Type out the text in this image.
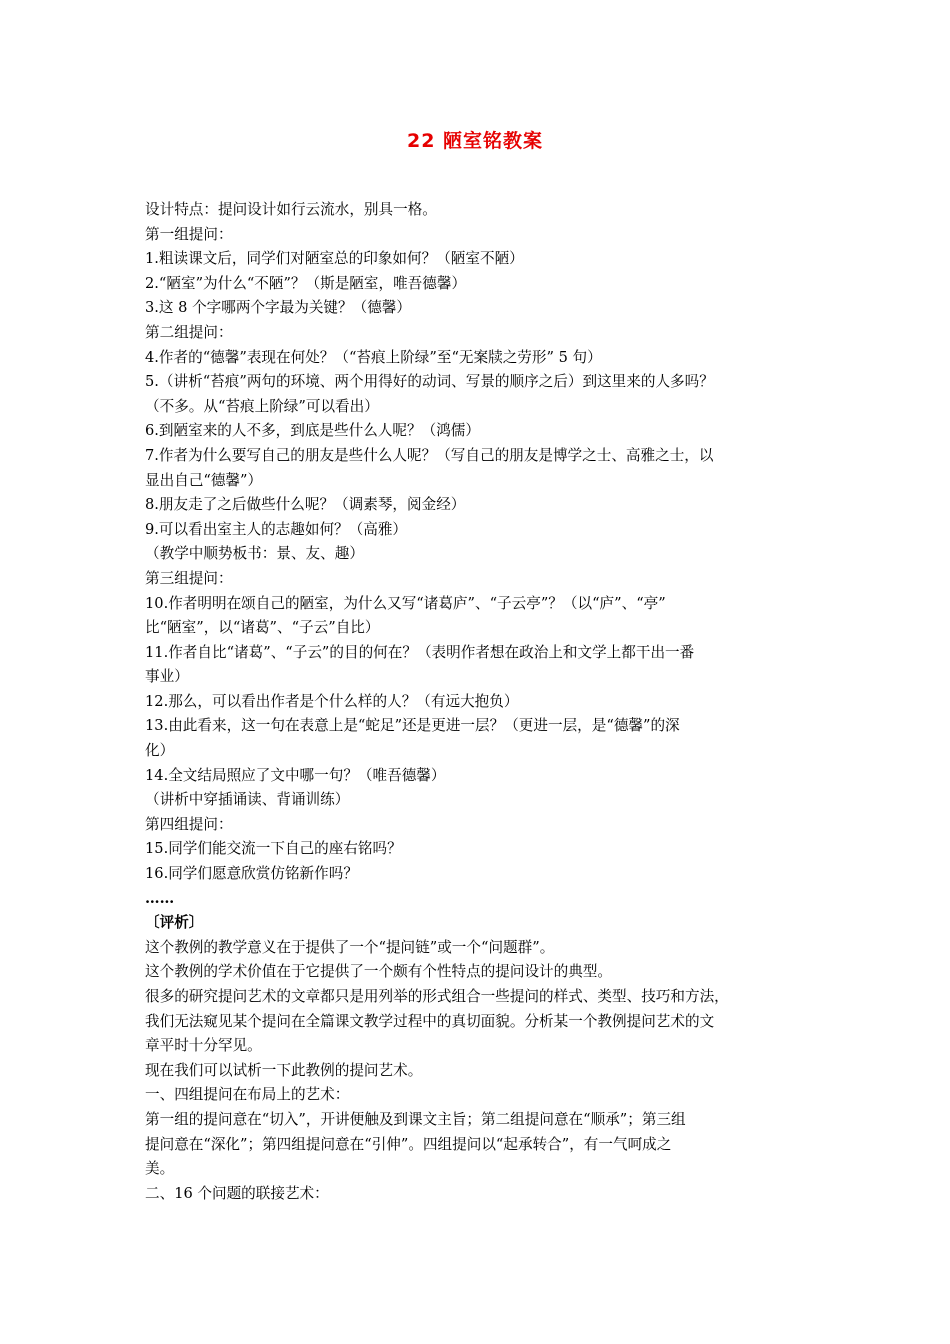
22 陋室铭教案
设计特点：提问设计如行云流水，别具一格。
第一组提问：
1.粗读课文后，同学们对陋室总的印象如何？（陋室不陋）
2.“陋室”为什么“不陋”？（斯是陋室，唯吾德馨）
3.这 8 个字哪两个字最为关键？（德馨）
第二组提问：
4.作者的“德馨”表现在何处？（“苔痕上阶绿”至“无案牍之劳形” 5 句）
5.（讲析“苔痕”两句的环境、两个用得好的动词、写景的顺序之后）到这里来的人多吗？
（不多。从“苔痕上阶绿”可以看出）
6.到陋室来的人不多，到底是些什么人呢？（鸿儒）
7.作者为什么要写自己的朋友是些什么人呢？（写自己的朋友是博学之士、高雅之士，以
显出自己“德馨”）
8.朋友走了之后做些什么呢？（调素琴，阅金经）
9.可以看出室主人的志趣如何？（高雅）
（教学中顺势板书：景、友、趣）
第三组提问：
10.作者明明在颂自己的陋室，为什么又写“诸葛庐”、“子云亭”？（以“庐”、“亭”
比“陋室”，以“诸葛”、“子云”自比）
11.作者自比“诸葛”、“子云”的目的何在？（表明作者想在政治上和文学上都干出一番
事业）
12.那么，可以看出作者是个什么样的人？（有远大抱负）
13.由此看来，这一句在表意上是“蛇足”还是更进一层？（更进一层，是“德馨”的深
化）
14.全文结局照应了文中哪一句？（唯吾德馨）
（讲析中穿插诵读、背诵训练）
第四组提问：
15.同学们能交流一下自己的座右铭吗？
16.同学们愿意欣赏仿铭新作吗？
……
〔评析〕
这个教例的教学意义在于提供了一个“提问链”或一个“问题群”。
这个教例的学术价值在于它提供了一个颇有个性特点的提问设计的典型。
很多的研究提问艺术的文章都只是用列举的形式组合一些提问的样式、类型、技巧和方法，
我们无法窥见某个提问在全篇课文教学过程中的真切面貌。分析某一个教例提问艺术的文
章平时十分罕见。
现在我们可以试析一下此教例的提问艺术。
一、四组提问在布局上的艺术：
第一组的提问意在“切入”，开讲便触及到课文主旨；第二组提问意在“顺承”；第三组
提问意在“深化”；第四组提问意在“引伸”。四组提问以“起承转合”，有一气呵成之
美。
二、16 个问题的联接艺术：
